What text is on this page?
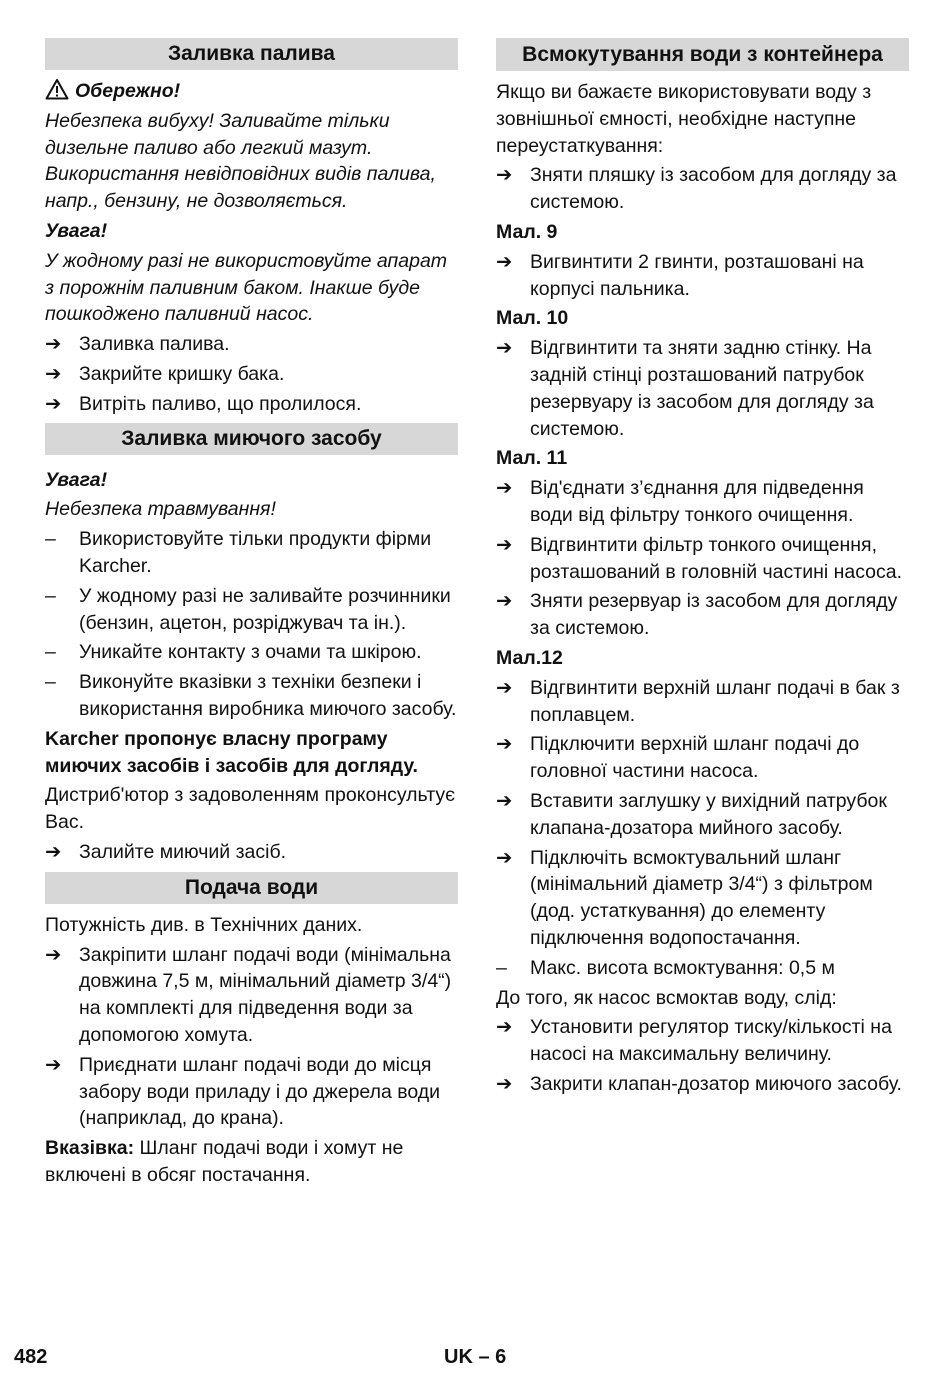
Заливка палива

Обережно!

Небезпека вибуху! Заливайте тільки дизельне паливо або легкий мазут. Використання невідповідних видів палива, напр., бензину, не дозволяється.

Увага!

У жодному разі не використовуйте апарат з порожнім паливним баком. Інакше буде пошкоджено паливний насос.

➔ Заливка палива.
➔ Закрийте кришку бака.
➔ Витріть паливо, що пролилося.
Заливка миючого засобу

Увага!

Небезпека травмування!

–	Використовуйте тільки продукти фірми Karcher.
–	У жодному разі не заливайте розчинники (бензин, ацетон, розріджувач та ін.).
–	Уникайте контакту з очами та шкірою.
–	Виконуйте вказівки з техніки безпеки і використання виробника миючого засобу.

Karcher пропонує власну програму миючих засобів і засобів для догляду.

Дистриб'ютор з задоволенням проконсультує Вас.

➔ Залийте миючий засіб.
Подача води

Потужність див. в Технічних даних.

➔ Закріпити шланг подачі води (мінімальна довжина 7,5 м, мінімальний діаметр 3/4“) на комплекті для підведення води за допомогою хомута.
➔ Приєднати шланг подачі води до місця забору води приладу і до джерела води (наприклад, до крана).

Вказівка: Шланг подачі води і хомут не включені в обсяг постачання.

Всмокутування води з контейнера

Якщо ви бажаєте використовувати воду з зовнішньої ємності, необхідне наступне переустаткування:

➔ Зняти пляшку із засобом для догляду за системою.

Мал. 9

➔ Вигвинтити 2 гвинти, розташовані на корпусі пальника.

Мал. 10

➔ Відгвинтити та зняти задню стінку. На задній стінці розташований патрубок резервуару із засобом для догляду за системою.

Мал. 11

➔ Від'єднати з’єднання для підведення води від фільтру тонкого очищення.
➔ Відгвинтити фільтр тонкого очищення, розташований в головній частині насоса.
➔ Зняти резервуар із засобом для догляду за системою.

Мал.12

➔ Відгвинтити верхній шланг подачі в бак з поплавцем.
➔ Підключити верхній шланг подачі до головної частини насоса.
➔ Вставити заглушку у вихідний патрубок клапана-дозатора мийного засобу.
➔ Підключіть всмоктувальний шланг (мінімальний діаметр 3/4“) з фільтром (дод. устаткування) до елементу підключення водопостачання.
–	Макс. висота всмоктування: 0,5 м

До того, як насос всмоктав воду, слід:

➔ Установити регулятор тиску/кількості на насосі на максимальну величину.
➔ Закрити клапан-дозатор миючого засобу.
482	UK – 6
